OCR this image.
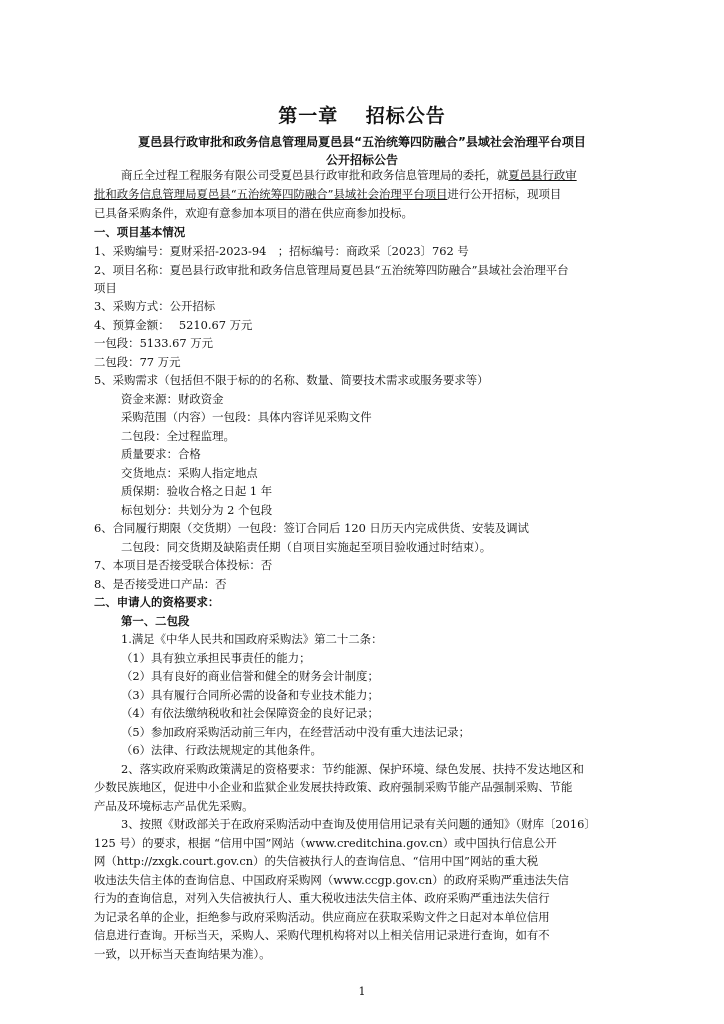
第一章　 招标公告
夏邑县行政审批和政务信息管理局夏邑县“五治统筹四防融合”县域社会治理平台项目
公开招标公告
商丘全过程工程服务有限公司受夏邑县行政审批和政务信息管理局的委托，就夏邑县行政审
批和政务信息管理局夏邑县“五治统筹四防融合”县域社会治理平台项目进行公开招标，现项目
已具备采购条件，欢迎有意参加本项目的潜在供应商参加投标。
一、项目基本情况
1、采购编号：夏财采招-2023-94　；招标编号：商政采〔2023〕762 号
2、项目名称：夏邑县行政审批和政务信息管理局夏邑县“五治统筹四防融合”县域社会治理平台
项目
3、采购方式：公开招标
4、预算金额：　 5210.67 万元
一包段：5133.67 万元
二包段：77 万元
5、采购需求（包括但不限于标的的名称、数量、简要技术需求或服务要求等）
资金来源：财政资金
采购范围（内容）一包段：具体内容详见采购文件
二包段：全过程监理。
质量要求：合格
交货地点：采购人指定地点
质保期：验收合格之日起 1 年
标包划分：共划分为 2 个包段
6、合同履行期限（交货期）一包段：签订合同后 120 日历天内完成供货、安装及调试
二包段：同交货期及缺陷责任期（自项目实施起至项目验收通过时结束）。
7、本项目是否接受联合体投标：否
8、是否接受进口产品：否
二、申请人的资格要求：
第一、二包段
1.满足《中华人民共和国政府采购法》第二十二条：
（1）具有独立承担民事责任的能力；
（2）具有良好的商业信誉和健全的财务会计制度；
（3）具有履行合同所必需的设备和专业技术能力；
（4）有依法缴纳税收和社会保障资金的良好记录；
（5）参加政府采购活动前三年内，在经营活动中没有重大违法记录；
（6）法律、行政法规规定的其他条件。
2、落实政府采购政策满足的资格要求：节约能源、保护环境、绿色发展、扶持不发达地区和
少数民族地区，促进中小企业和监狱企业发展扶持政策、政府强制采购节能产品强制采购、节能
产品及环境标志产品优先采购。
3、按照《财政部关于在政府采购活动中查询及使用信用记录有关问题的通知》（财库〔2016〕
125 号）的要求，根据 “信用中国”网站（www.creditchina.gov.cn）或中国执行信息公开
网（http://zxgk.court.gov.cn）的失信被执行人的查询信息、“信用中国”网站的重大税
收违法失信主体的查询信息、中国政府采购网（www.ccgp.gov.cn）的政府采购严重违法失信
行为的查询信息，对列入失信被执行人、重大税收违法失信主体、政府采购严重违法失信行
为记录名单的企业，拒绝参与政府采购活动。供应商应在获取采购文件之日起对本单位信用
信息进行查询。开标当天，采购人、采购代理机构将对以上相关信用记录进行查询，如有不
一致，以开标当天查询结果为准）。
1
